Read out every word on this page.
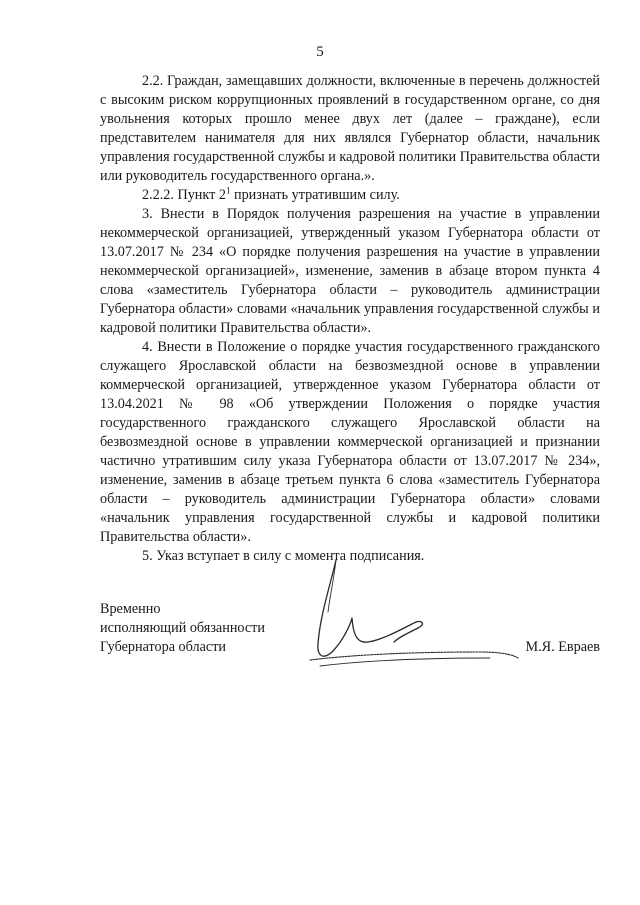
5

2.2. Граждан, замещавших должности, включенные в перечень должностей с высоким риском коррупционных проявлений в государственном органе, со дня увольнения которых прошло менее двух лет (далее – граждане), если представителем нанимателя для них являлся Губернатор области, начальник управления государственной службы и кадровой политики Правительства области или руководитель государственного органа.».

2.2.2. Пункт $2^1$ признать утратившим силу.

3. Внести в Порядок получения разрешения на участие в управлении некоммерческой организацией, утвержденный указом Губернатора области от 13.07.2017 № 234 «О порядке получения разрешения на участие в управлении некоммерческой организацией», изменение, заменив в абзаце втором пункта 4 слова «заместитель Губернатора области – руководитель администрации Губернатора области» словами «начальник управления государственной службы и кадровой политики Правительства области».

4. Внести в Положение о порядке участия государственного гражданского служащего Ярославской области на безвозмездной основе в управлении коммерческой организацией, утвержденное указом Губернатора области от 13.04.2021 № 98 «Об утверждении Положения о порядке участия государственного гражданского служащего Ярославской области на безвозмездной основе в управлении коммерческой организацией и признании частично утратившим силу указа Губернатора области от 13.07.2017 № 234», изменение, заменив в абзаце третьем пункта 6 слова «заместитель Губернатора области – руководитель администрации Губернатора области» словами «начальник управления государственной службы и кадровой политики Правительства области».

5. Указ вступает в силу с момента подписания.

Временно
исполняющий обязанности
Губернатора области	М.Я. Евраев
